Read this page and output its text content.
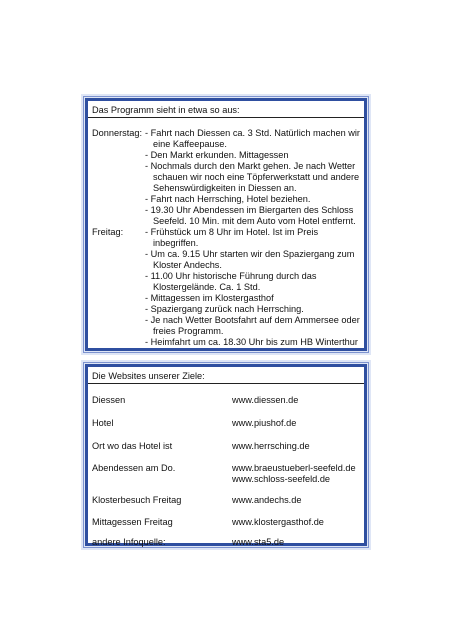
Das Programm sieht in etwa so aus:
Donnerstag: - Fahrt nach Diessen ca. 3 Std. Natürlich machen wir eine Kaffeepause.
- Den Markt erkunden. Mittagessen
- Nochmals durch den Markt gehen. Je nach Wetter schauen wir noch eine Töpferwerkstatt und andere Sehenswürdigkeiten in Diessen an.
- Fahrt nach Herrsching, Hotel beziehen.
- 19.30 Uhr Abendessen im Biergarten des Schloss Seefeld. 10 Min. mit dem Auto vom Hotel entfernt.
Freitag: - Frühstück um 8 Uhr im Hotel. Ist im Preis inbegriffen.
- Um ca. 9.15 Uhr starten wir den Spaziergang zum Kloster Andechs.
- 11.00 Uhr historische Führung durch das Klostergelände. Ca. 1 Std.
- Mittagessen im Klostergasthof
- Spaziergang zurück nach Herrsching.
- Je nach Wetter Bootsfahrt auf dem Ammersee oder freies Programm.
- Heimfahrt um ca. 18.30 Uhr bis zum HB Winterthur
Die Websites unserer Ziele:
Diessen	www.diessen.de
Hotel	www.piushof.de
Ort wo das Hotel ist	www.herrsching.de
Abendessen am Do.	www.braeustueberl-seefeld.de
www.schloss-seefeld.de
Klosterbesuch Freitag	www.andechs.de
Mittagessen Freitag	www.klostergasthof.de
andere Infoquelle:	www.sta5.de
